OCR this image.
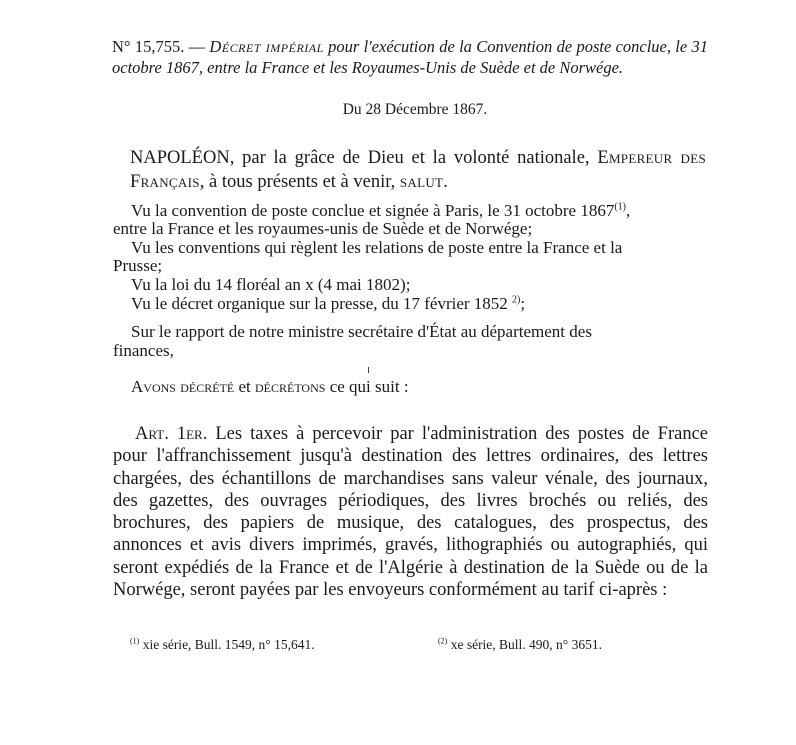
N° 15,755. — Décret impérial pour l'exécution de la Convention de poste conclue, le 31 octobre 1867, entre la France et les Royaumes-Unis de Suède et de Norwége.
Du 28 Décembre 1867.
NAPOLÉON, par la grâce de Dieu et la volonté nationale, Empereur des Français, à tous présents et à venir, salut.
Vu la convention de poste conclue et signée à Paris, le 31 octobre 1867$^{(1)}$,
entre la France et les royaumes-unis de Suède et de Norwége;
Vu les conventions qui règlent les relations de poste entre la France et la
Prusse;
Vu la loi du 14 floréal an x (4 mai 1802);
Vu le décret organique sur la presse, du 17 février 1852 $^{2)}$;
Sur le rapport de notre ministre secrétaire d'État au département des
finances,
Avons décrété et décrétons ce qui suit :
Art. 1er. Les taxes à percevoir par l'administration des postes de France pour l'affranchissement jusqu'à destination des lettres ordinaires, des lettres chargées, des échantillons de marchandises sans valeur vénale, des journaux, des gazettes, des ouvrages périodiques, des livres brochés ou reliés, des brochures, des papiers de musique, des catalogues, des prospectus, des annonces et avis divers imprimés, gravés, lithographiés ou autographiés, qui seront expédiés de la France et de l'Algérie à destination de la Suède ou de la Norwége, seront payées par les envoyeurs conformément au tarif ci-après :
$^{(1)}$ xie série, Bull. 1549, n° 15,641.	$^{(2)}$ xe série, Bull. 490, n° 3651.
